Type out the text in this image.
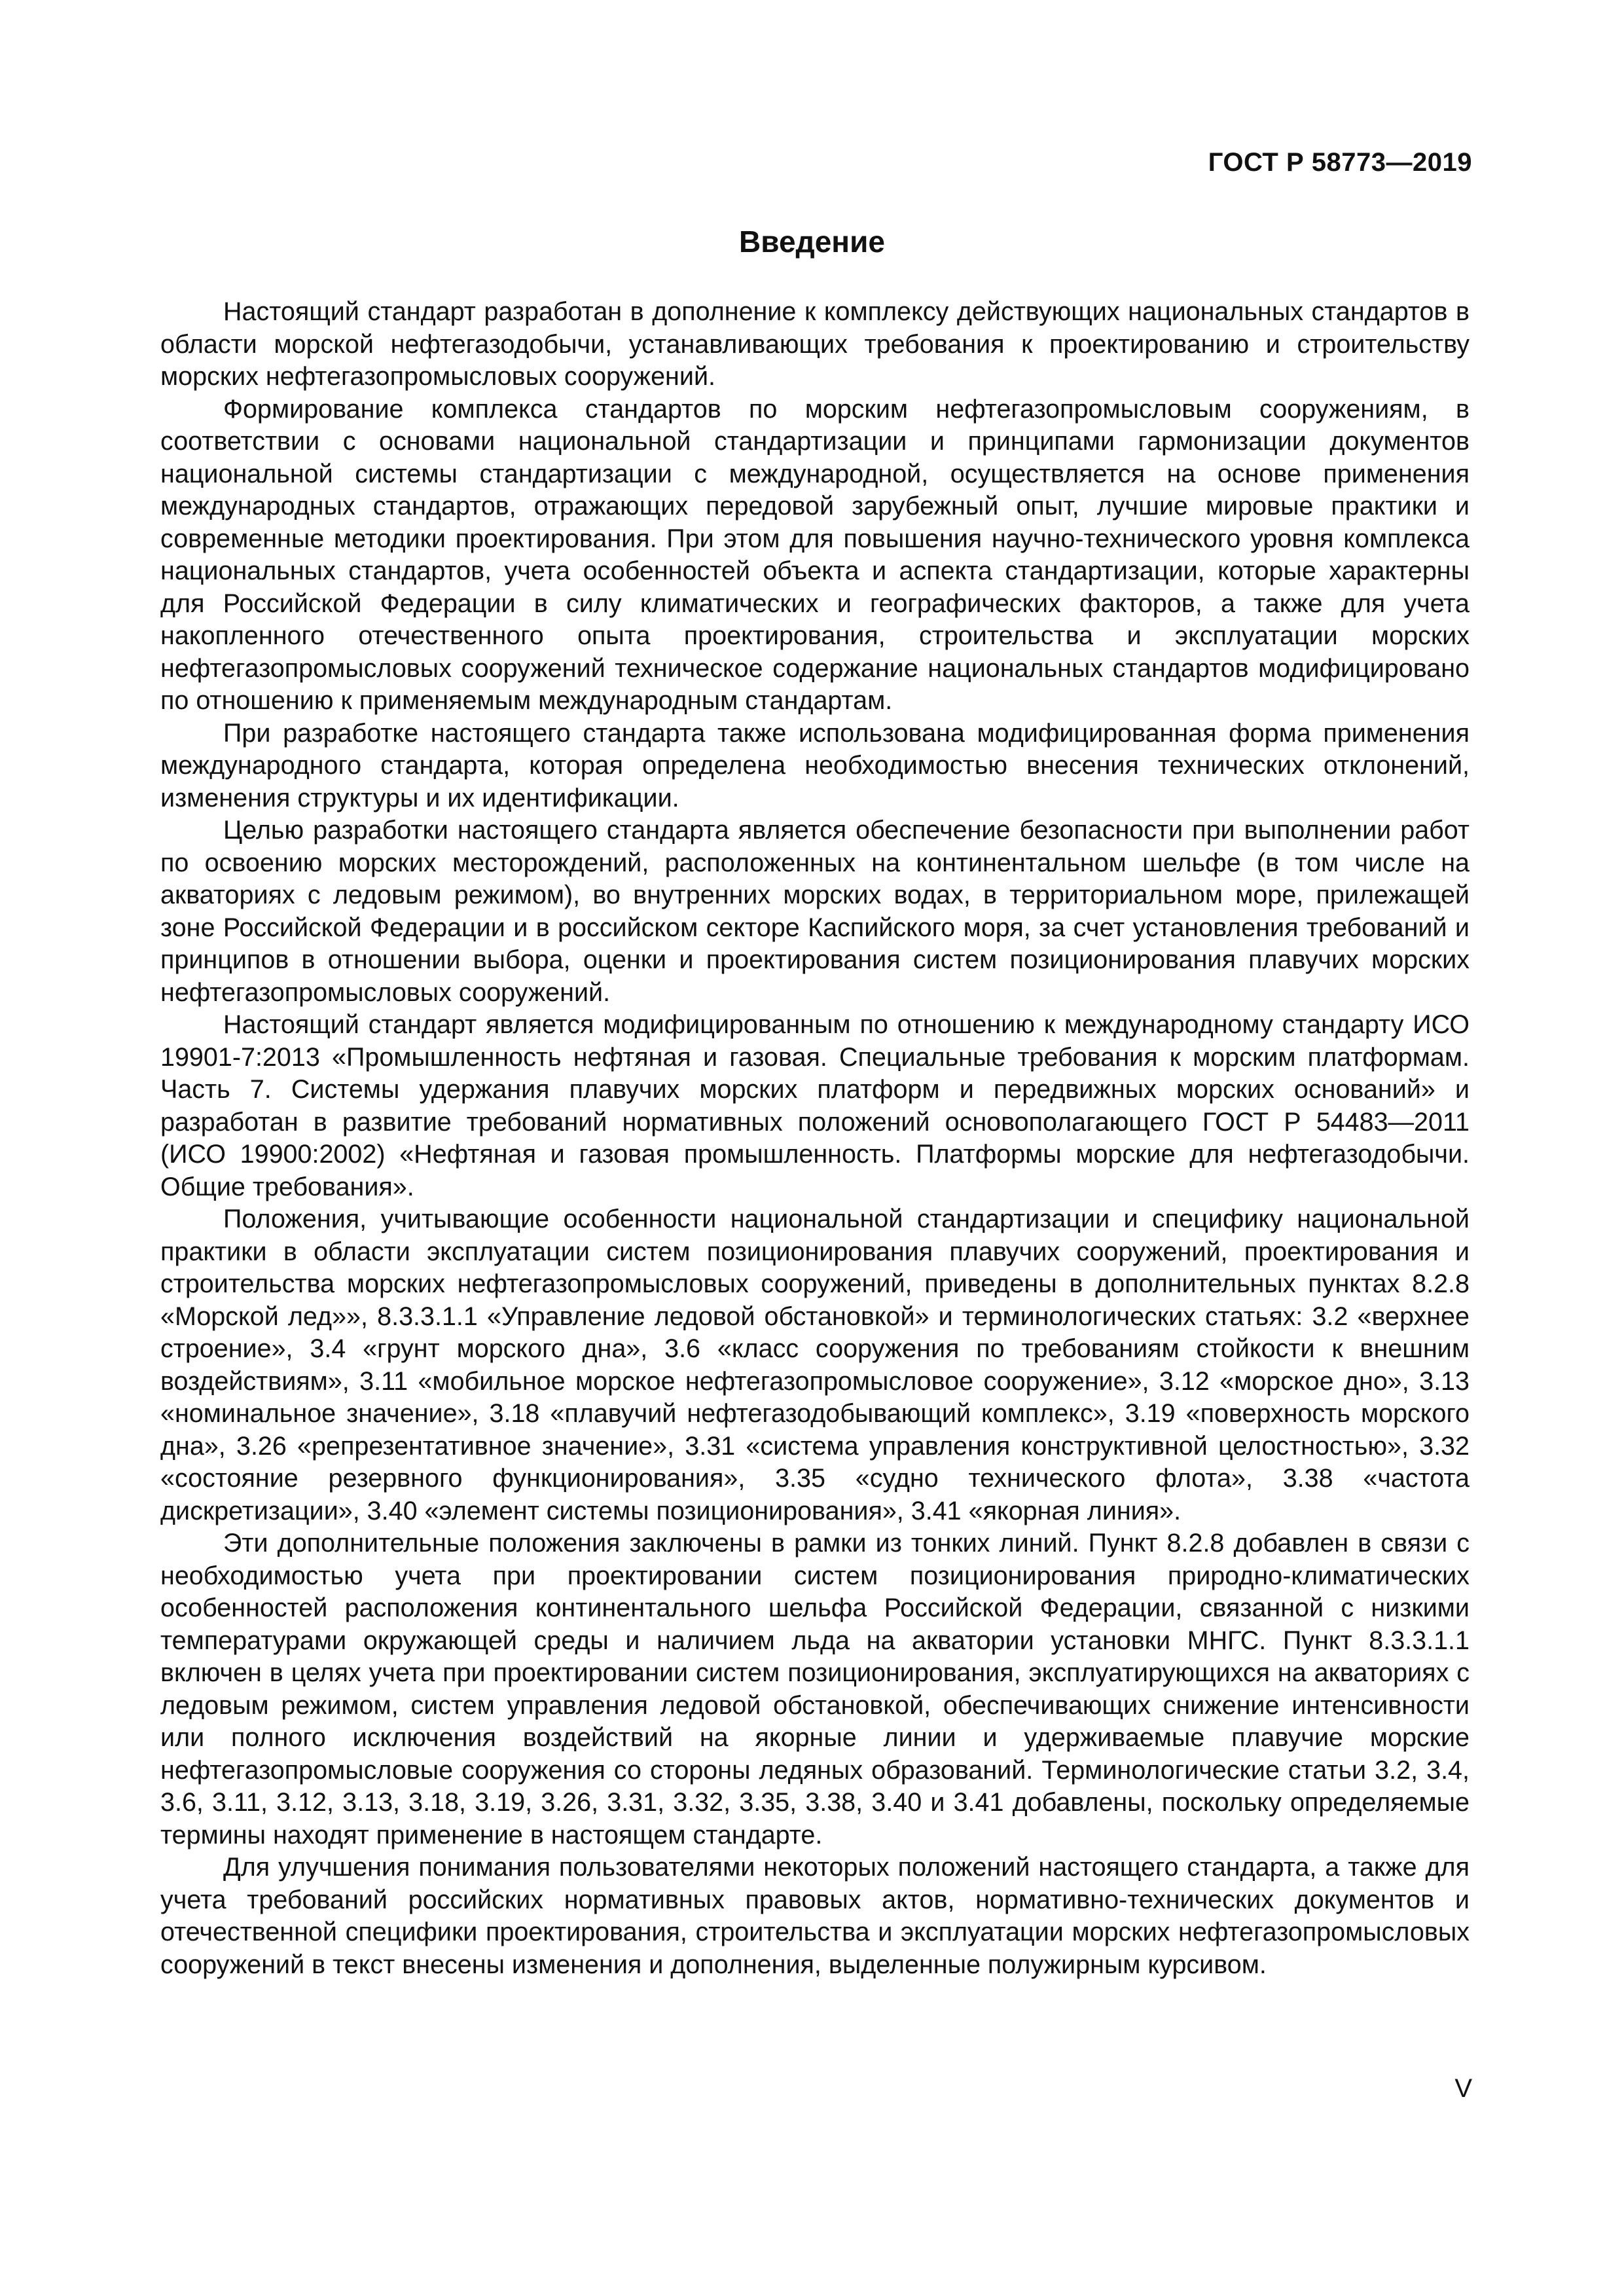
ГОСТ Р 58773—2019
Введение

Настоящий стандарт разработан в дополнение к комплексу действующих национальных стандартов в области морской нефтегазодобычи, устанавливающих требования к проектированию и строительству морских нефтегазопромысловых сооружений.

Формирование комплекса стандартов по морским нефтегазопромысловым сооружениям, в соответствии с основами национальной стандартизации и принципами гармонизации документов национальной системы стандартизации с международной, осуществляется на основе применения международных стандартов, отражающих передовой зарубежный опыт, лучшие мировые практики и современные методики проектирования. При этом для повышения научно-технического уровня комплекса национальных стандартов, учета особенностей объекта и аспекта стандартизации, которые характерны для Российской Федерации в силу климатических и географических факторов, а также для учета накопленного отечественного опыта проектирования, строительства и эксплуатации морских нефтегазопромысловых сооружений техническое содержание национальных стандартов модифицировано по отношению к применяемым международным стандартам.

При разработке настоящего стандарта также использована модифицированная форма применения международного стандарта, которая определена необходимостью внесения технических отклонений, изменения структуры и их идентификации.

Целью разработки настоящего стандарта является обеспечение безопасности при выполнении работ по освоению морских месторождений, расположенных на континентальном шельфе (в том числе на акваториях с ледовым режимом), во внутренних морских водах, в территориальном море, прилежащей зоне Российской Федерации и в российском секторе Каспийского моря, за счет установления требований и принципов в отношении выбора, оценки и проектирования систем позиционирования плавучих морских нефтегазопромысловых сооружений.

Настоящий стандарт является модифицированным по отношению к международному стандарту ИСО 19901-7:2013 «Промышленность нефтяная и газовая. Специальные требования к морским платформам. Часть 7. Системы удержания плавучих морских платформ и передвижных морских оснований» и разработан в развитие требований нормативных положений основополагающего ГОСТ Р 54483—2011 (ИСО 19900:2002) «Нефтяная и газовая промышленность. Платформы морские для нефтегазодобычи. Общие требования».

Положения, учитывающие особенности национальной стандартизации и специфику национальной практики в области эксплуатации систем позиционирования плавучих сооружений, проектирования и строительства морских нефтегазопромысловых сооружений, приведены в дополнительных пунктах 8.2.8 «Морской лед»», 8.3.3.1.1 «Управление ледовой обстановкой» и терминологических статьях: 3.2 «верхнее строение», 3.4 «грунт морского дна», 3.6 «класс сооружения по требованиям стойкости к внешним воздействиям», 3.11 «мобильное морское нефтегазопромысловое сооружение», 3.12 «морское дно», 3.13 «номинальное значение», 3.18 «плавучий нефтегазодобывающий комплекс», 3.19 «поверхность морского дна», 3.26 «репрезентативное значение», 3.31 «система управления конструктивной целостностью», 3.32 «состояние резервного функционирования», 3.35 «судно технического флота», 3.38 «частота дискретизации», 3.40 «элемент системы позиционирования», 3.41 «якорная линия».

Эти дополнительные положения заключены в рамки из тонких линий. Пункт 8.2.8 добавлен в связи с необходимостью учета при проектировании систем позиционирования природно-климатических особенностей расположения континентального шельфа Российской Федерации, связанной с низкими температурами окружающей среды и наличием льда на акватории установки МНГС. Пункт 8.3.3.1.1 включен в целях учета при проектировании систем позиционирования, эксплуатирующихся на акваториях с ледовым режимом, систем управления ледовой обстановкой, обеспечивающих снижение интенсивности или полного исключения воздействий на якорные линии и удерживаемые плавучие морские нефтегазопромысловые сооружения со стороны ледяных образований. Терминологические статьи 3.2, 3.4, 3.6, 3.11, 3.12, 3.13, 3.18, 3.19, 3.26, 3.31, 3.32, 3.35, 3.38, 3.40 и 3.41 добавлены, поскольку определяемые термины находят применение в настоящем стандарте.

Для улучшения понимания пользователями некоторых положений настоящего стандарта, а также для учета требований российских нормативных правовых актов, нормативно-технических документов и отечественной специфики проектирования, строительства и эксплуатации морских нефтегазопромысловых сооружений в текст внесены изменения и дополнения, выделенные полужирным курсивом.

V
